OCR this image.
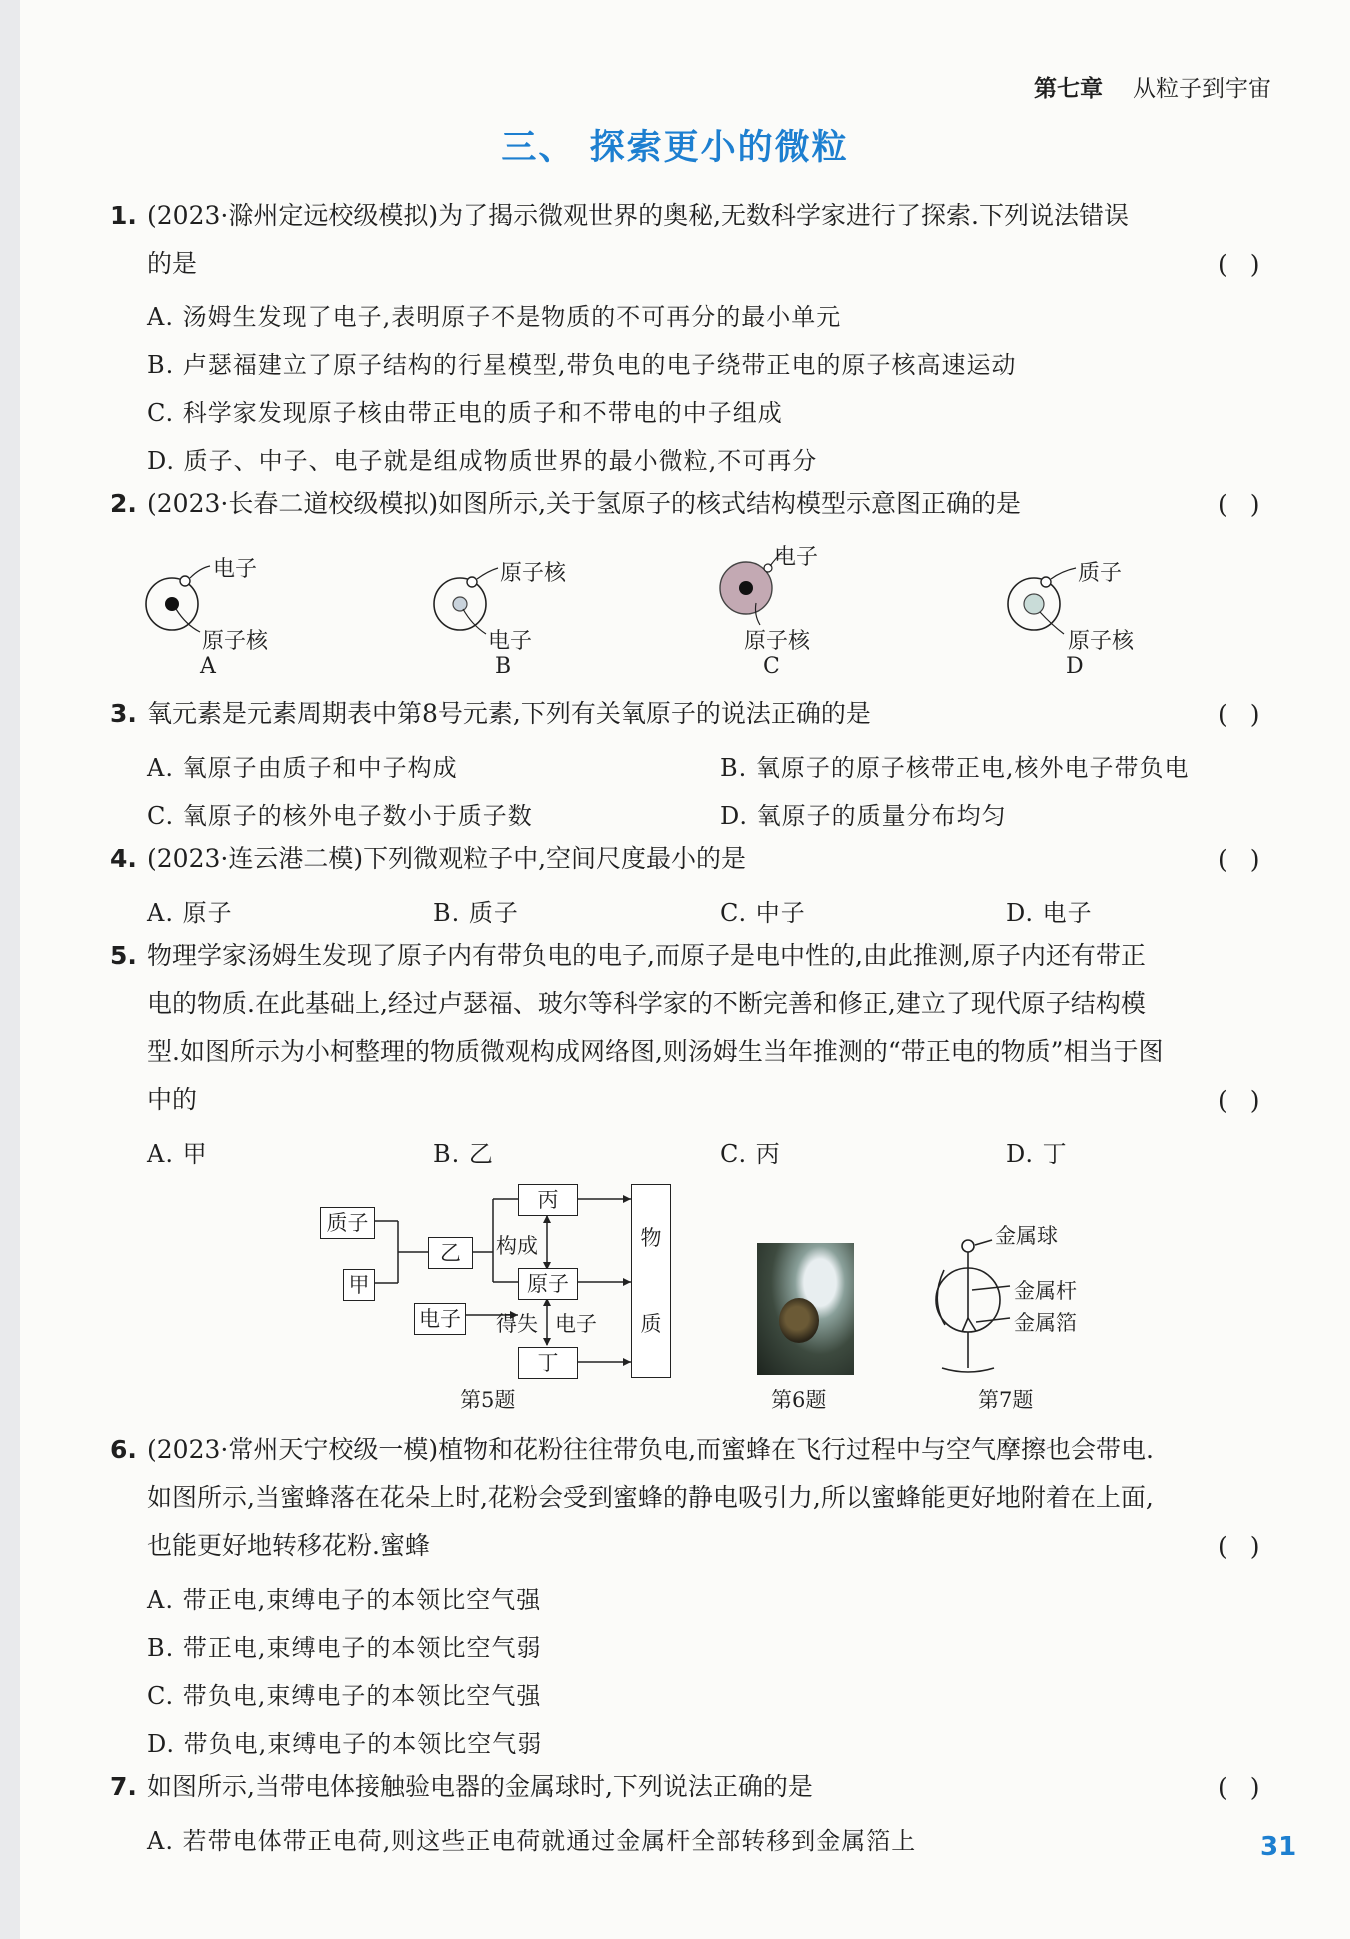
第七章 从粒子到宇宙
三、 探索更小的微粒
1. (2023·滁州定远校级模拟)为了揭示微观世界的奥秘,无数科学家进行了探索.下列说法错误
的是	()
A. 汤姆生发现了电子,表明原子不是物质的不可再分的最小单元
B. 卢瑟福建立了原子结构的行星模型,带负电的电子绕带正电的原子核高速运动
C. 科学家发现原子核由带正电的质子和不带电的中子组成
D. 质子、中子、电子就是组成物质世界的最小微粒,不可再分
2. (2023·长春二道校级模拟)如图所示,关于氢原子的核式结构模型示意图正确的是	()
电子
原子核
A
原子核
电子
B
电子
原子核
C
质子
原子核
D
3. 氧元素是元素周期表中第8号元素,下列有关氧原子的说法正确的是	()
A. 氧原子由质子和中子构成	B. 氧原子的原子核带正电,核外电子带负电
C. 氧原子的核外电子数小于质子数	D. 氧原子的质量分布均匀
4. (2023·连云港二模)下列微观粒子中,空间尺度最小的是	()
A. 原子	B. 质子	C. 中子	D. 电子
5. 物理学家汤姆生发现了原子内有带负电的电子,而原子是电中性的,由此推测,原子内还有带正
电的物质.在此基础上,经过卢瑟福、玻尔等科学家的不断完善和修正,建立了现代原子结构模
型.如图所示为小柯整理的物质微观构成网络图,则汤姆生当年推测的“带正电的物质”相当于图
中的	()
A. 甲	B. 乙	C. 丙	D. 丁
质子
甲
电子
乙
丙
原子
丁
物
质
构成
得失 电子
第5题	第6题
金属球
金属杆
金属箔
第7题
6. (2023·常州天宁校级一模)植物和花粉往往带负电,而蜜蜂在飞行过程中与空气摩擦也会带电.
如图所示,当蜜蜂落在花朵上时,花粉会受到蜜蜂的静电吸引力,所以蜜蜂能更好地附着在上面,
也能更好地转移花粉.蜜蜂	()
A. 带正电,束缚电子的本领比空气强
B. 带正电,束缚电子的本领比空气弱
C. 带负电,束缚电子的本领比空气强
D. 带负电,束缚电子的本领比空气弱
7. 如图所示,当带电体接触验电器的金属球时,下列说法正确的是	()
A. 若带电体带正电荷,则这些正电荷就通过金属杆全部转移到金属箔上	31
